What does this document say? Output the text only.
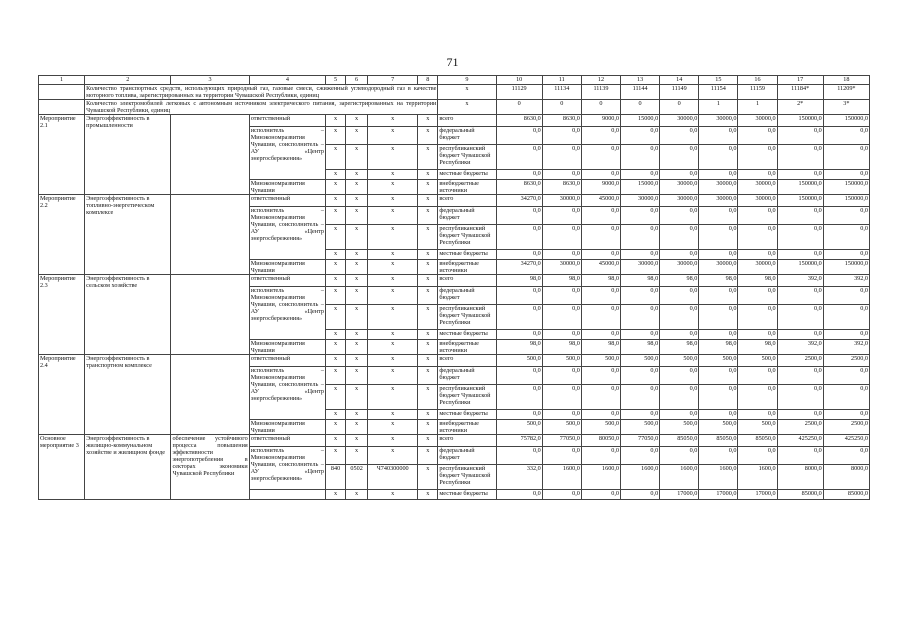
71
1	2	3	4	5	6	7	8	9	10	11	12	13	14	15	16	17	18
	Количество транспортных средств, использующих природный газ, газовые смеси, сжиженный углеводородный газ в качестве моторного топлива, зарегистрированных на территории Чувашской Республики, единиц							x	11129	11134	11139	11144	11149	11154	11159	11184*	11209*
	Количество электромобилей легковых с автономным источником электрического питания, зарегистрированных на территории Чувашской Республики, единиц							x	0	0	0	0	0	1	1	2*	3*
Мероприятие 2.1	Энергоэффективность в промышленности		ответственный	x	x	x	x	всего	8630,0	8630,0	9000,0	15000,0	30000,0	30000,0	30000,0	150000,0	150000,0
			исполнитель – Минэкономразвития Чувашии, соисполнитель – АУ «Центр энергосбережения»	x	x	x	x	федеральный бюджет	0,0	0,0	0,0	0,0	0,0	0,0	0,0	0,0	0,0
				x	x	x	x	республиканский бюджет Чувашской Республики	0,0	0,0	0,0	0,0	0,0	0,0	0,0	0,0	0,0
				x	x	x	x	местные бюджеты	0,0	0,0	0,0	0,0	0,0	0,0	0,0	0,0	0,0
			Минэкономразвития Чувашии	x	x	x	x	внебюджетные источники	8630,0	8630,0	9000,0	15000,0	30000,0	30000,0	30000,0	150000,0	150000,0
Мероприятие 2.2	Энергоэффективность в топливно-энергетическом комплексе		ответственный	x	x	x	x	всего	34270,0	30000,0	45000,0	30000,0	30000,0	30000,0	30000,0	150000,0	150000,0
			исполнитель – Минэкономразвития Чувашии, соисполнитель – АУ «Центр энергосбережения»	x	x	x	x	федеральный бюджет	0,0	0,0	0,0	0,0	0,0	0,0	0,0	0,0	0,0
				x	x	x	x	республиканский бюджет Чувашской Республики	0,0	0,0	0,0	0,0	0,0	0,0	0,0	0,0	0,0
				x	x	x	x	местные бюджеты	0,0	0,0	0,0	0,0	0,0	0,0	0,0	0,0	0,0
			Минэкономразвития Чувашии	x	x	x	x	внебюджетные источники	34270,0	30000,0	45000,0	30000,0	30000,0	30000,0	30000,0	150000,0	150000,0
Мероприятие 2.3	Энергоэффективность в сельском хозяйстве		ответственный	x	x	x	x	всего	98,0	98,0	98,0	98,0	98,0	98,0	98,0	392,0	392,0
			исполнитель – Минэкономразвития Чувашии, соисполнитель – АУ «Центр энергосбережения»	x	x	x	x	федеральный бюджет	0,0	0,0	0,0	0,0	0,0	0,0	0,0	0,0	0,0
				x	x	x	x	республиканский бюджет Чувашской Республики	0,0	0,0	0,0	0,0	0,0	0,0	0,0	0,0	0,0
				x	x	x	x	местные бюджеты	0,0	0,0	0,0	0,0	0,0	0,0	0,0	0,0	0,0
			Минэкономразвития Чувашии	x	x	x	x	внебюджетные источники	98,0	98,0	98,0	98,0	98,0	98,0	98,0	392,0	392,0
Мероприятие 2.4	Энергоэффективность в транспортном комплексе		ответственный	x	x	x	x	всего	500,0	500,0	500,0	500,0	500,0	500,0	500,0	2500,0	2500,0
			исполнитель – Минэкономразвития Чувашии, соисполнитель – АУ «Центр энергосбережения»	x	x	x	x	федеральный бюджет	0,0	0,0	0,0	0,0	0,0	0,0	0,0	0,0	0,0
				x	x	x	x	республиканский бюджет Чувашской Республики	0,0	0,0	0,0	0,0	0,0	0,0	0,0	0,0	0,0
				x	x	x	x	местные бюджеты	0,0	0,0	0,0	0,0	0,0	0,0	0,0	0,0	0,0
			Минэкономразвития Чувашии	x	x	x	x	внебюджетные источники	500,0	500,0	500,0	500,0	500,0	500,0	500,0	2500,0	2500,0
Основное мероприятие 3	Энергоэффективность в жилищно-коммунальном хозяйстве и жилищном фонде	обеспечение устойчивого процесса повышения эффективности энергопотребления в секторах экономики Чувашской Республики	ответственный	x	x	x	x	всего	75782,0	77050,0	80050,0	77050,0	85050,0	85050,0	85050,0	425250,0	425250,0
			исполнитель – Минэкономразвития Чувашии, соисполнитель – АУ «Центр энергосбережения»	x	x	x	x	федеральный бюджет	0,0	0,0	0,0	0,0	0,0	0,0	0,0	0,0	0,0
				840	0502	Ч740300000	x	республиканский бюджет Чувашской Республики	332,0	1600,0	1600,0	1600,0	1600,0	1600,0	1600,0	8000,0	8000,0
				x	x	x	x	местные бюджеты	0,0	0,0	0,0	0,0	17000,0	17000,0	17000,0	85000,0	85000,0
